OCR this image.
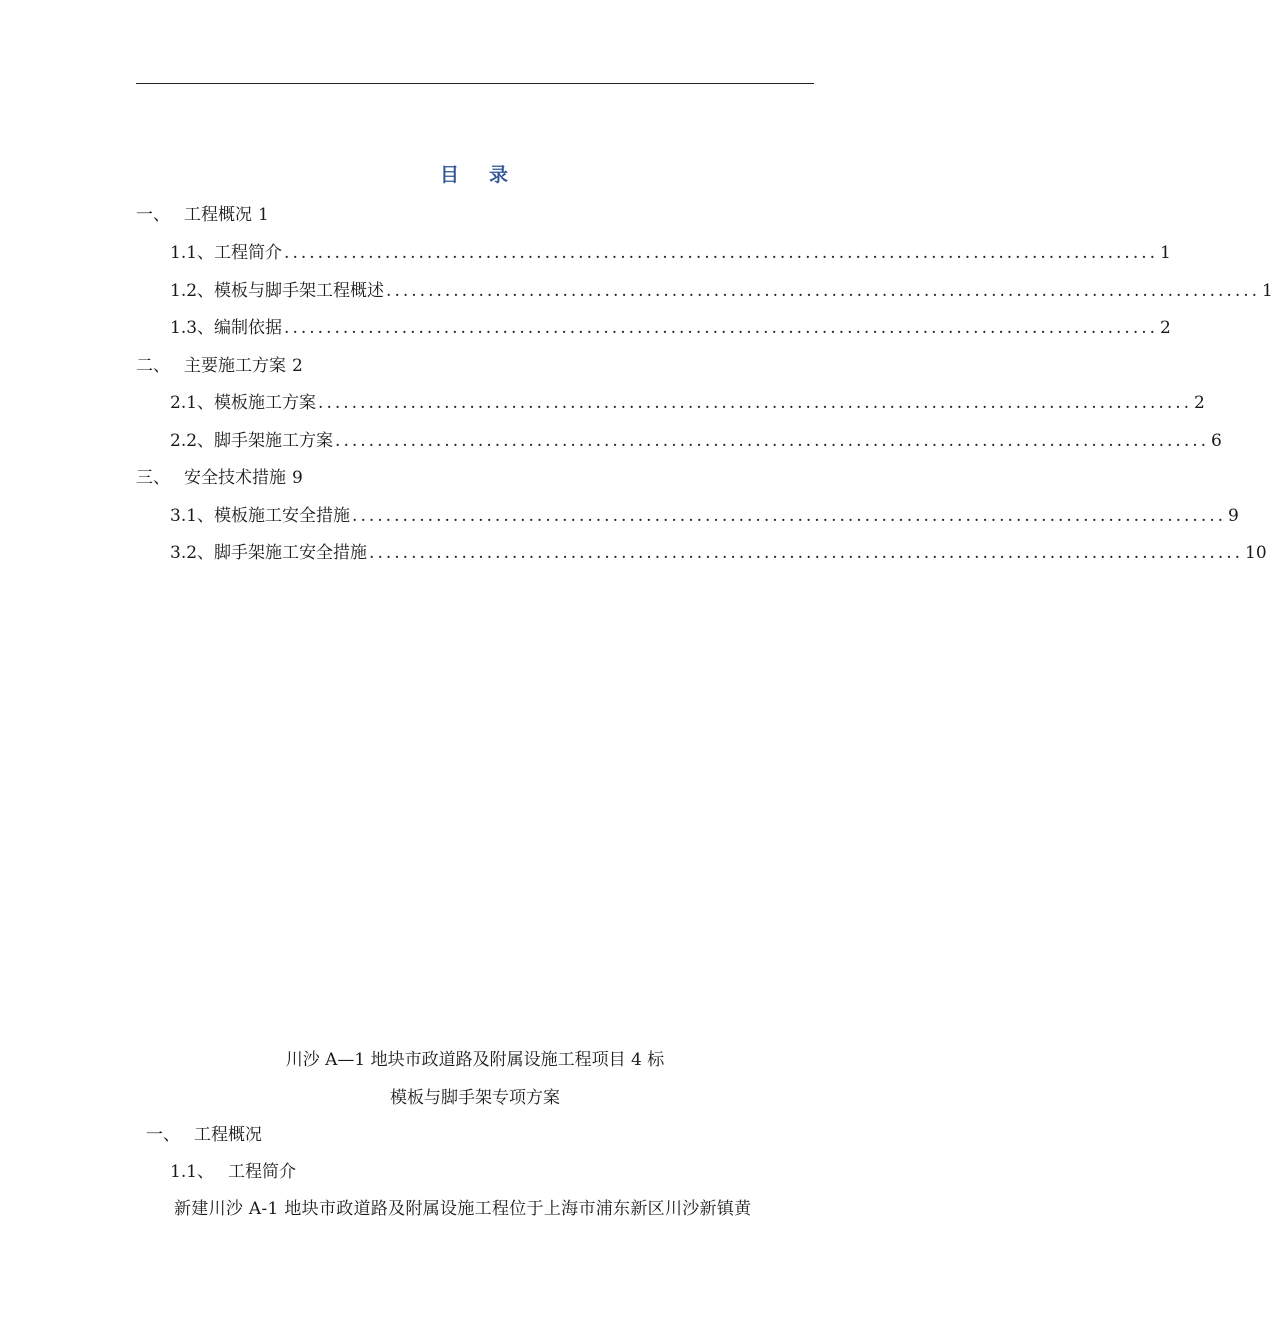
目 录
一、 工程概况 1
1.1、 工程简介 ........................................................................................................ 1
1.2、 模板与脚手架工程概述 ........................................................................................................ 1
1.3、 编制依据 ........................................................................................................ 2
二、 主要施工方案 2
2.1、 模板施工方案 ........................................................................................................ 2
2.2、 脚手架施工方案 ........................................................................................................ 6
三、 安全技术措施 9
3.1、 模板施工安全措施 ........................................................................................................ 9
3.2、 脚手架施工安全措施 ........................................................................................................ 10
川沙 A—1 地块市政道路及附属设施工程项目 4 标
模板与脚手架专项方案
一、 工程概况
1.1、 工程简介
新建川沙 A-1 地块市政道路及附属设施工程位于上海市浦东新区川沙新镇黄
